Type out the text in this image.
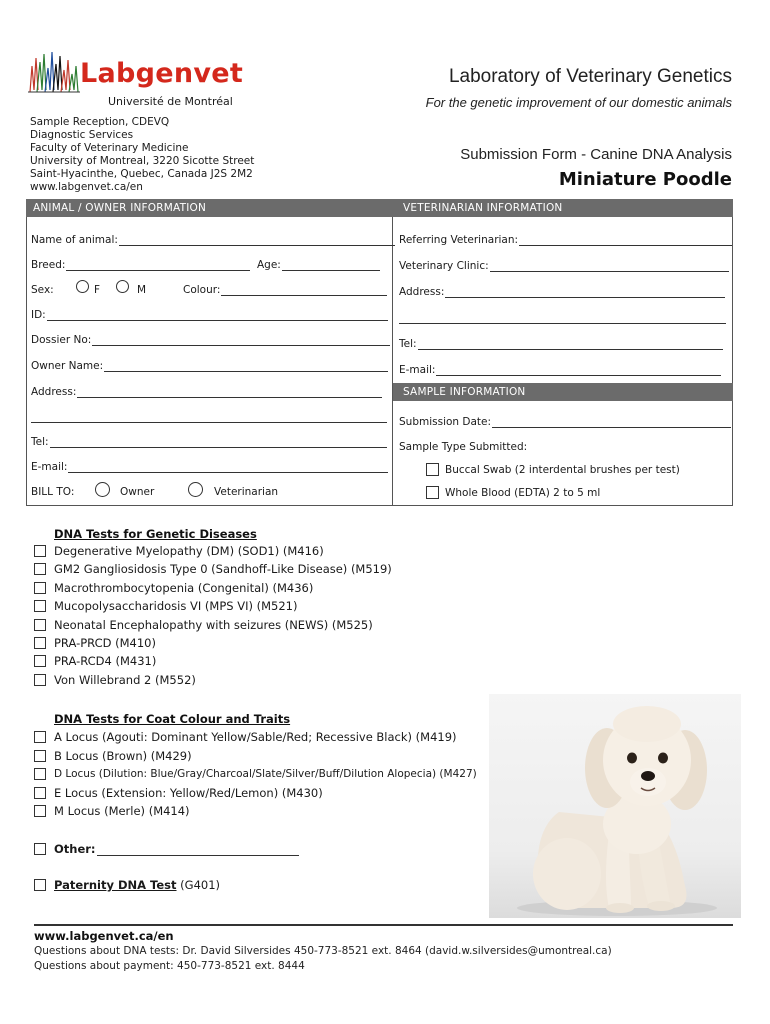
Labgenvet
Université de Montréal
Laboratory of Veterinary Genetics
For the genetic improvement of our domestic animals
Sample Reception, CDEVQ
Diagnostic Services
Faculty of Veterinary Medicine
University of Montreal, 3220 Sicotte Street
Saint-Hyacinthe, Quebec, Canada J2S 2M2
www.labgenvet.ca/en
Submission Form - Canine DNA Analysis
Miniature Poodle
ANIMAL / OWNER INFORMATION	VETERINARIAN INFORMATION
Name of animal:
Breed:	Age:
Sex:	F	M	Colour:
ID:
Dossier No:
Owner Name:
Address:
Tel:
E-mail:
BILL TO:	Owner	Veterinarian
Referring Veterinarian:
Veterinary Clinic:
Address:
Tel:
E-mail:
SAMPLE INFORMATION
Submission Date:
Sample Type Submitted:
Buccal Swab (2 interdental brushes per test)
Whole Blood (EDTA) 2 to 5 ml
DNA Tests for Genetic Diseases
Degenerative Myelopathy (DM) (SOD1) (M416)
GM2 Gangliosidosis Type 0 (Sandhoff-Like Disease) (M519)
Macrothrombocytopenia (Congenital) (M436)
Mucopolysaccharidosis VI (MPS VI) (M521)
Neonatal Encephalopathy with seizures (NEWS) (M525)
PRA-PRCD (M410)
PRA-RCD4 (M431)
Von Willebrand 2 (M552)
DNA Tests for Coat Colour and Traits
A Locus (Agouti: Dominant Yellow/Sable/Red; Recessive Black) (M419)
B Locus (Brown) (M429)
D Locus (Dilution: Blue/Gray/Charcoal/Slate/Silver/Buff/Dilution Alopecia) (M427)
E Locus (Extension: Yellow/Red/Lemon) (M430)
M Locus (Merle) (M414)
Other:
Paternity DNA Test (G401)
www.labgenvet.ca/en
Questions about DNA tests: Dr. David Silversides 450-773-8521 ext. 8464 (david.w.silversides@umontreal.ca)
Questions about payment: 450-773-8521 ext. 8444
